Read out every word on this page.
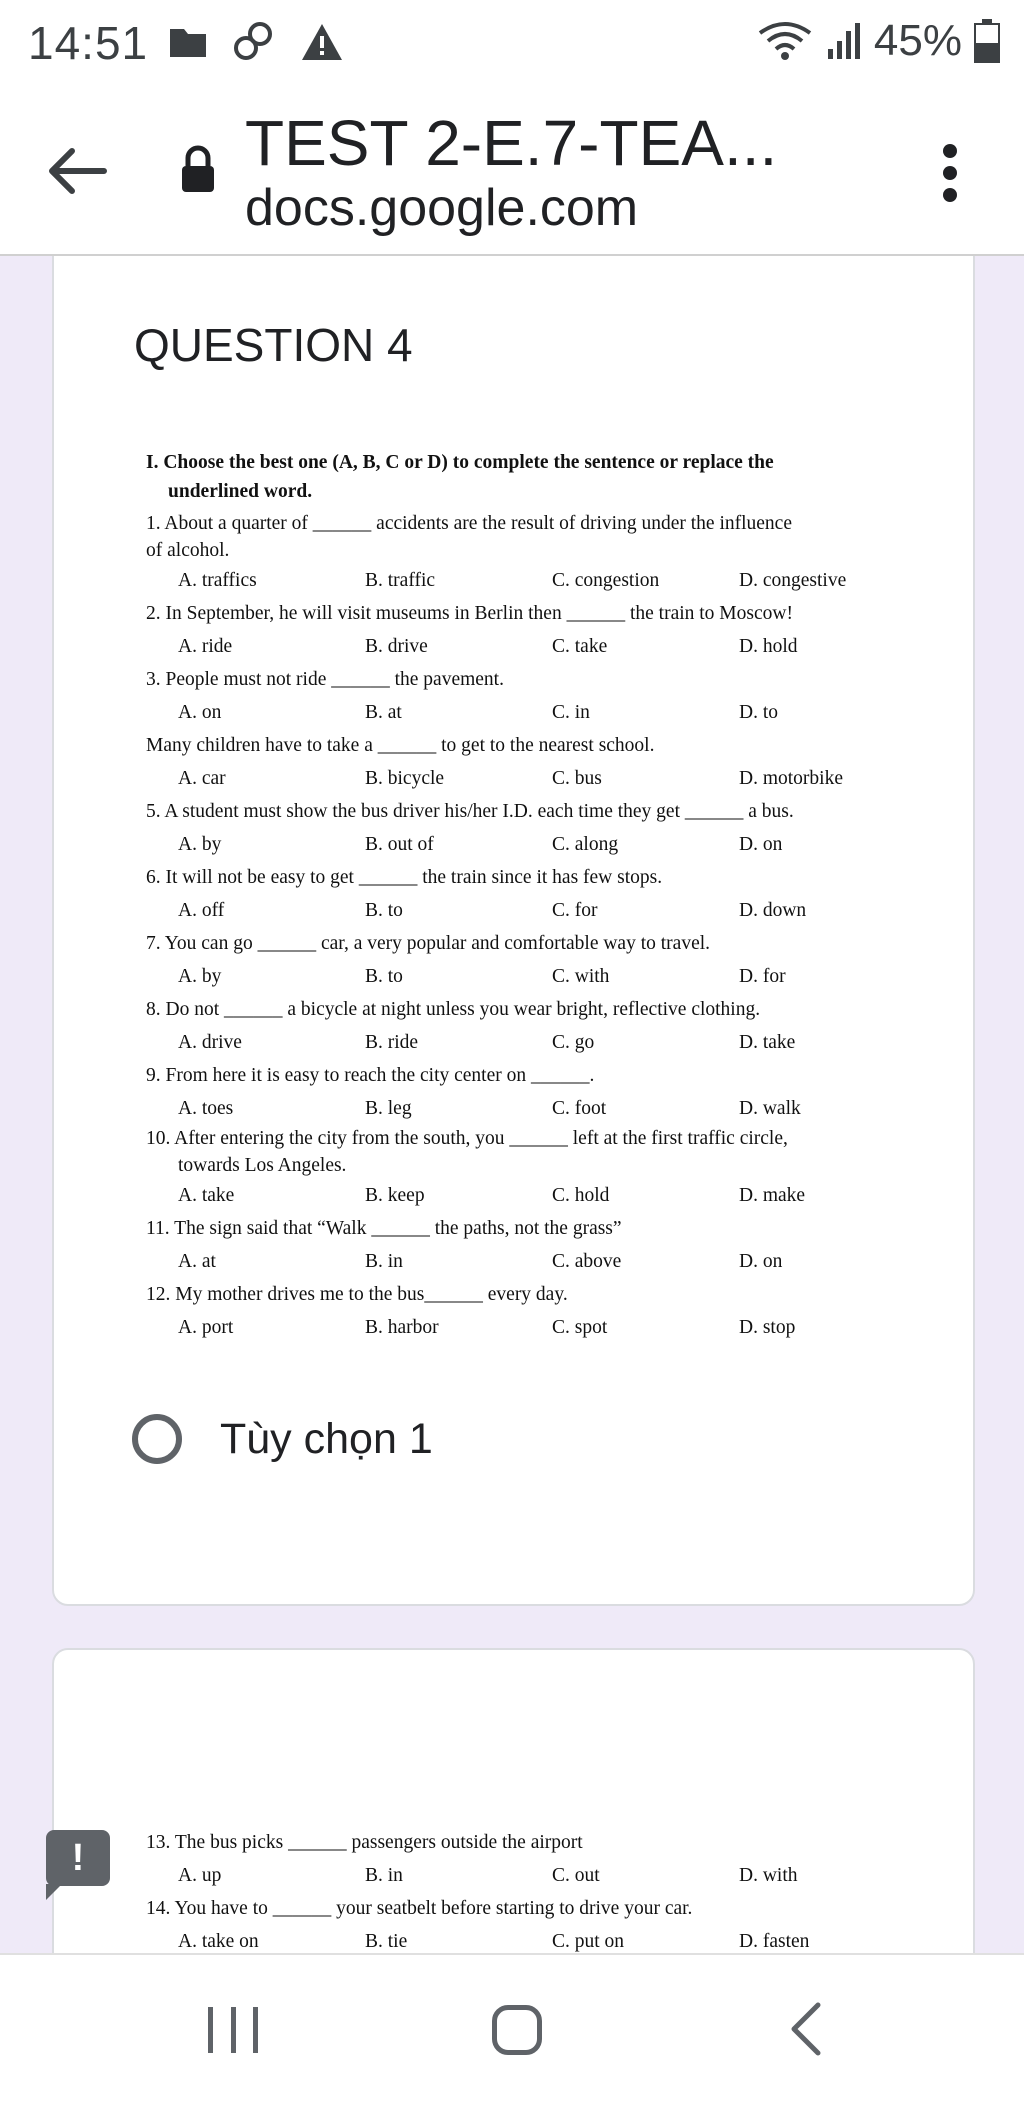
14:51	45%
TEST 2-E.7-TEA...
docs.google.com
QUESTION 4
I. Choose the best one (A, B, C or D) to complete the sentence or replace the
underlined word.
1. About a quarter of ______ accidents are the result of driving under the influence
of alcohol.
A. traffics	B. traffic	C. congestion	D. congestive
2. In September, he will visit museums in Berlin then ______ the train to Moscow!
A. ride	B. drive	C. take	D. hold
3. People must not ride ______ the pavement.
A. on	B. at	C. in	D. to
Many children have to take a ______ to get to the nearest school.
A. car	B. bicycle	C. bus	D. motorbike
5. A student must show the bus driver his/her I.D. each time they get ______ a bus.
A. by	B. out of	C. along	D. on
6. It will not be easy to get ______ the train since it has few stops.
A. off	B. to	C. for	D. down
7. You can go ______ car, a very popular and comfortable way to travel.
A. by	B. to	C. with	D. for
8. Do not ______ a bicycle at night unless you wear bright, reflective clothing.
A. drive	B. ride	C. go	D. take
9. From here it is easy to reach the city center on ______.
A. toes	B. leg	C. foot	D. walk
10. After entering the city from the south, you ______ left at the first traffic circle,
towards Los Angeles.
A. take	B. keep	C. hold	D. make
11. The sign said that “Walk ______ the paths, not the grass”
A. at	B. in	C. above	D. on
12. My mother drives me to the bus______ every day.
A. port	B. harbor	C. spot	D. stop
Tùy chọn 1
13. The bus picks ______ passengers outside the airport
A. up	B. in	C. out	D. with
14. You have to ______ your seatbelt before starting to drive your car.
A. take on	B. tie	C. put on	D. fasten
!
